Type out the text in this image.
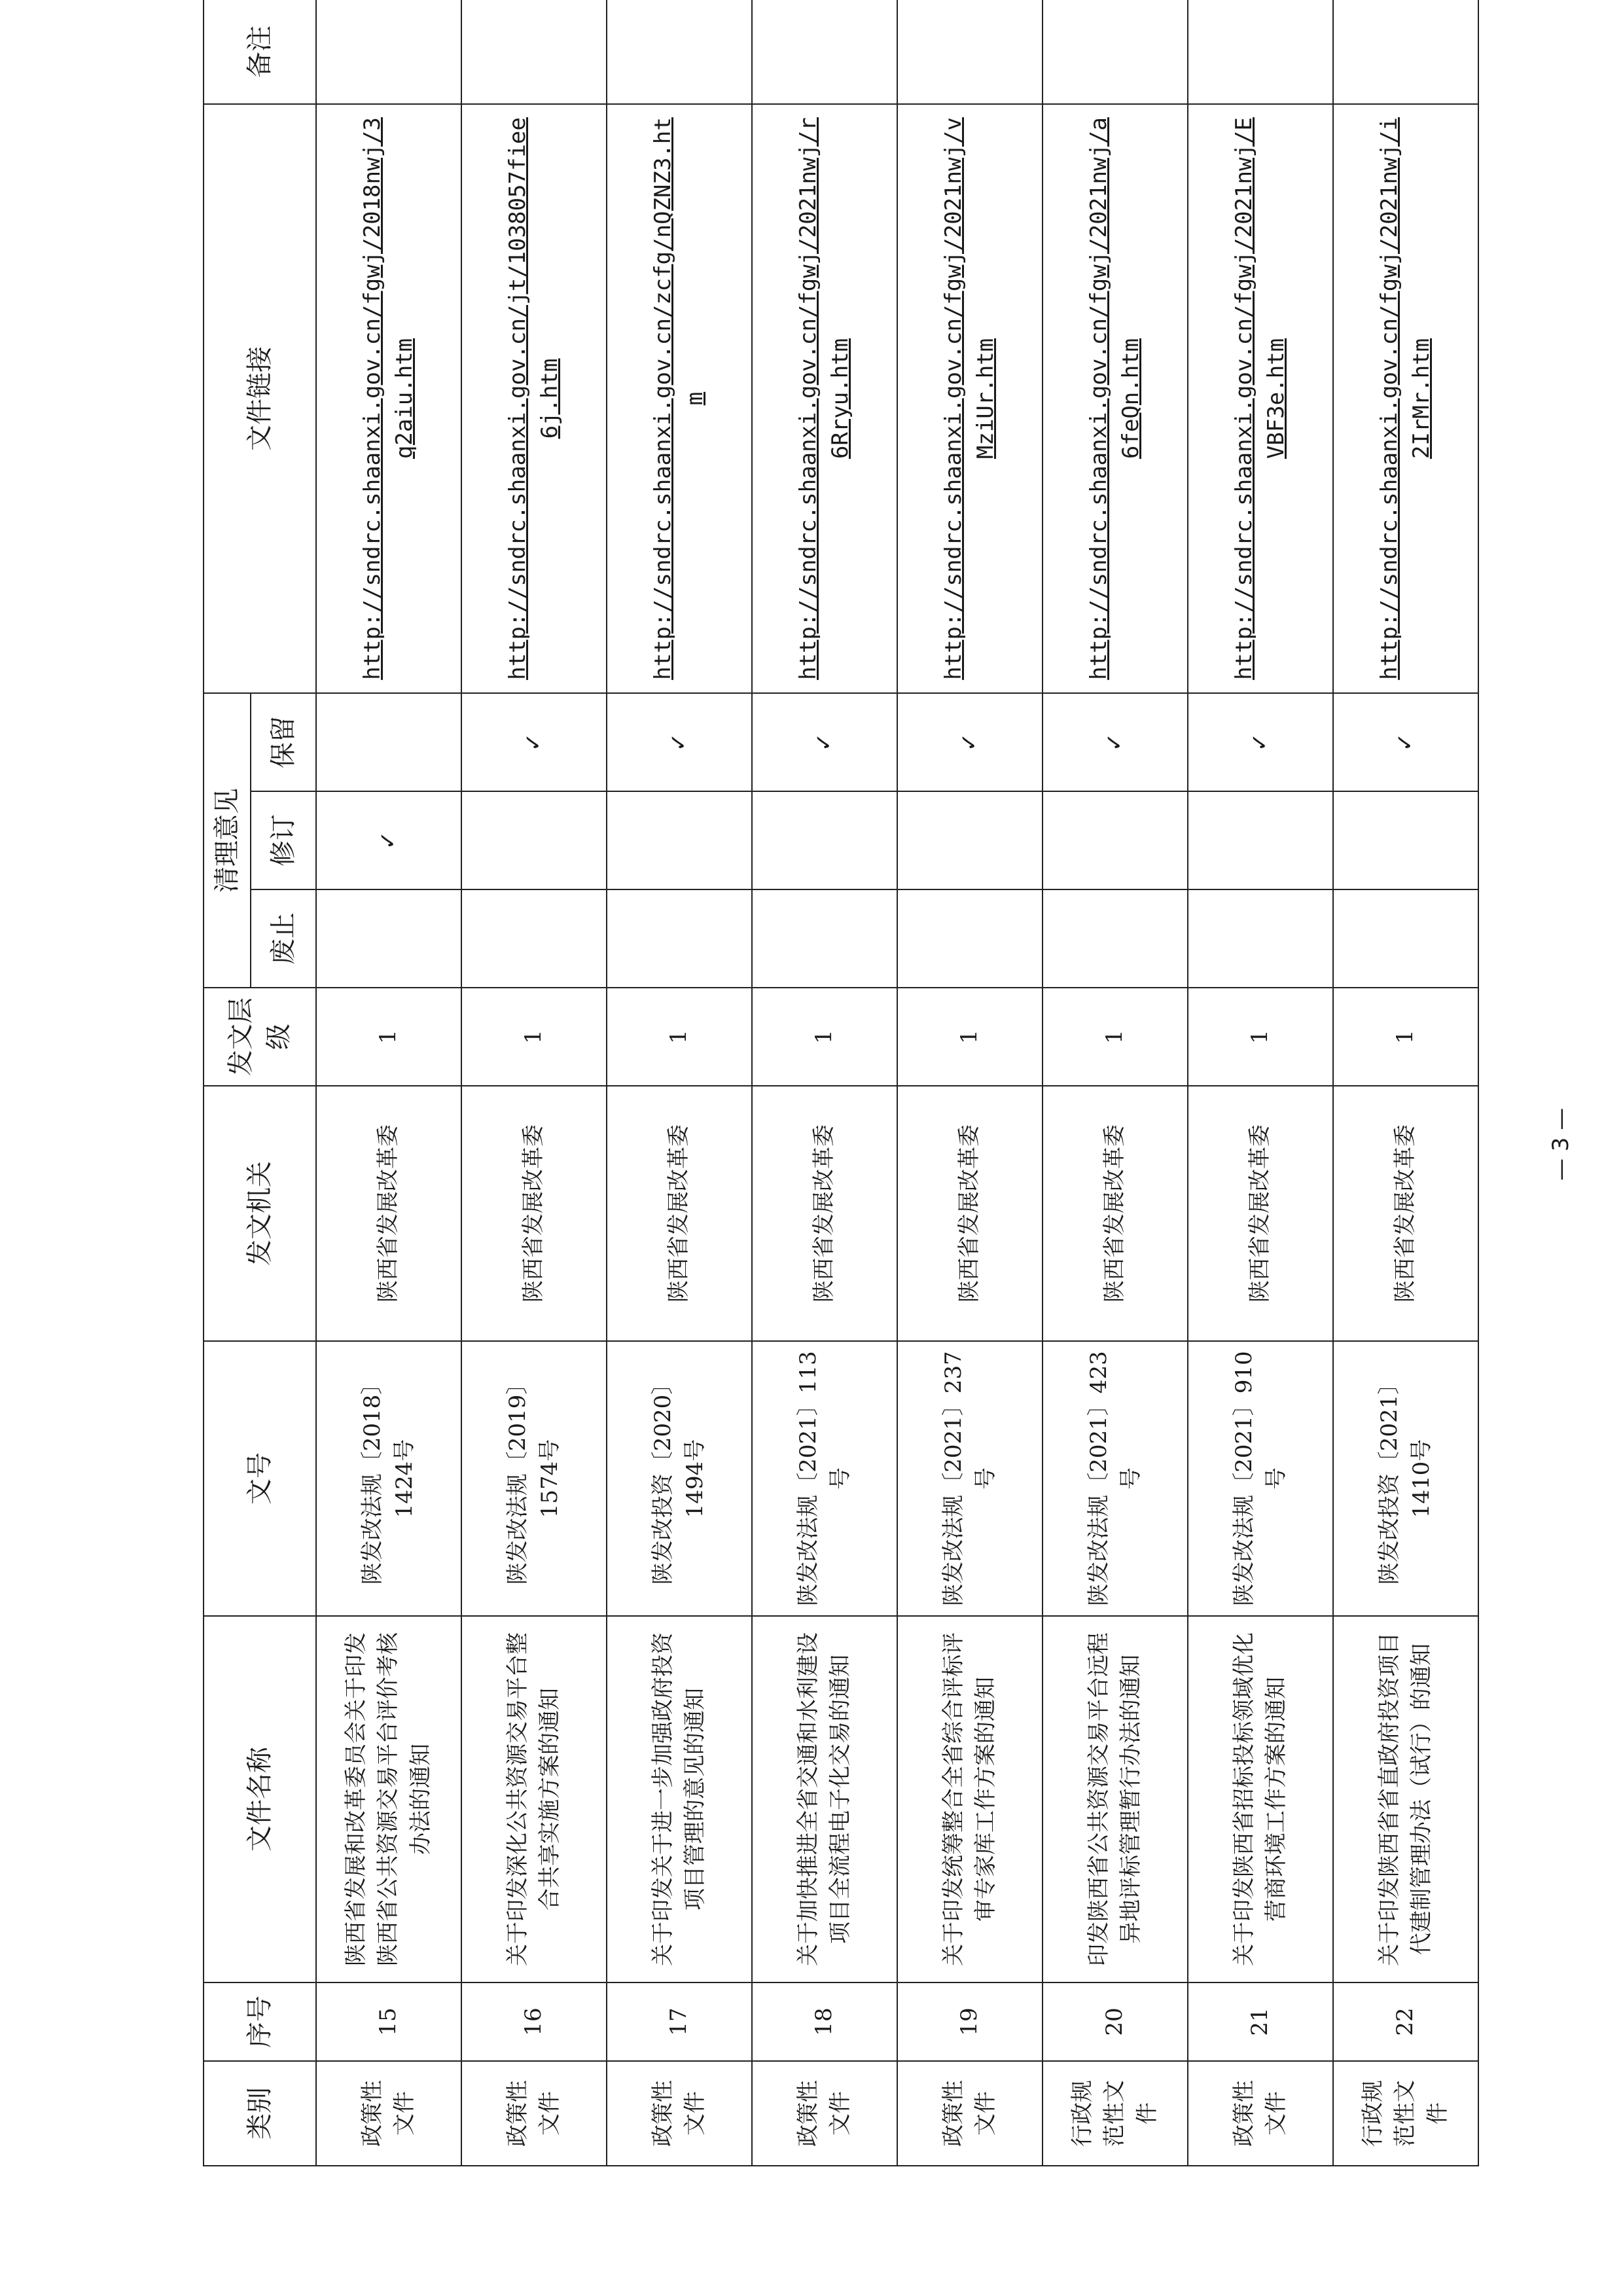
类别	序号	文件名称	文号	发文机关	发文层级	清理意见			文件链接	备注
						废止	修订	保留		
政策性文件	15	陕西省发展和改革委员会关于印发陕西省公共资源交易平台评价考核办法的通知	陕发改法规〔2018〕1424号	陕西省发展改革委	1		✓		http://sndrc.shaanxi.gov.cn/fgwj/2018nwj/3q2aiu.htm	
政策性文件	16	关于印发深化公共资源交易平台整合共享实施方案的通知	陕发改法规〔2019〕1574号	陕西省发展改革委	1			✓	http://sndrc.shaanxi.gov.cn/jt/1038057fiee6j.htm	
政策性文件	17	关于印发关于进一步加强政府投资项目管理的意见的通知	陕发改投资〔2020〕1494号	陕西省发展改革委	1			✓	http://sndrc.shaanxi.gov.cn/zcfg/nQZNZ3.htm	
政策性文件	18	关于加快推进全省交通和水利建设项目全流程电子化交易的通知	陕发改法规〔2021〕113号	陕西省发展改革委	1			✓	http://sndrc.shaanxi.gov.cn/fgwj/2021nwj/r6Rryu.htm	
政策性文件	19	关于印发统筹整合全省综合评标评审专家库工作方案的通知	陕发改法规〔2021〕237号	陕西省发展改革委	1			✓	http://sndrc.shaanxi.gov.cn/fgwj/2021nwj/vMziUr.htm	
行政规范性文件	20	印发陕西省公共资源交易平台远程异地评标管理暂行办法的通知	陕发改法规〔2021〕423号	陕西省发展改革委	1			✓	http://sndrc.shaanxi.gov.cn/fgwj/2021nwj/a6feQn.htm	
政策性文件	21	关于印发陕西省招标投标领域优化营商环境工作方案的通知	陕发改法规〔2021〕910号	陕西省发展改革委	1			✓	http://sndrc.shaanxi.gov.cn/fgwj/2021nwj/EVBF3e.htm	
行政规范性文件	22	关于印发陕西省省直政府投资项目代建制管理办法（试行）的通知	陕发改投资〔2021〕1410号	陕西省发展改革委	1			✓	http://sndrc.shaanxi.gov.cn/fgwj/2021nwj/i2IrMr.htm	
— 3 —
